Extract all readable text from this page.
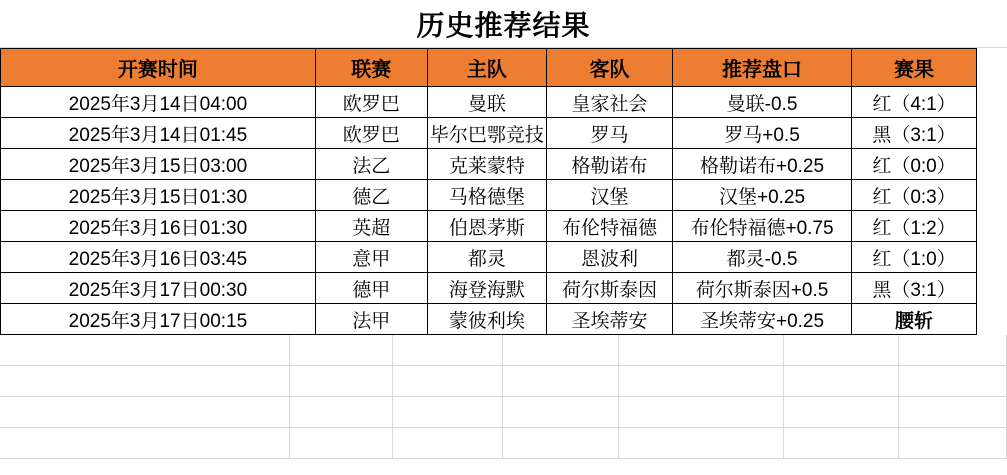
历史推荐结果
开赛时间	联赛	主队	客队	推荐盘口	赛果
2025年3月14日04:00	欧罗巴	曼联	皇家社会	曼联-0.5	红（4:1）
2025年3月14日01:45	欧罗巴	毕尔巴鄂竞技	罗马	罗马+0.5	黑（3:1）
2025年3月15日03:00	法乙	克莱蒙特	格勒诺布	格勒诺布+0.25	红（0:0）
2025年3月15日01:30	德乙	马格德堡	汉堡	汉堡+0.25	红（0:3）
2025年3月16日01:30	英超	伯恩茅斯	布伦特福德	布伦特福德+0.75	红（1:2）
2025年3月16日03:45	意甲	都灵	恩波利	都灵-0.5	红（1:0）
2025年3月17日00:30	德甲	海登海默	荷尔斯泰因	荷尔斯泰因+0.5	黑（3:1）
2025年3月17日00:15	法甲	蒙彼利埃	圣埃蒂安	圣埃蒂安+0.25	腰斩
